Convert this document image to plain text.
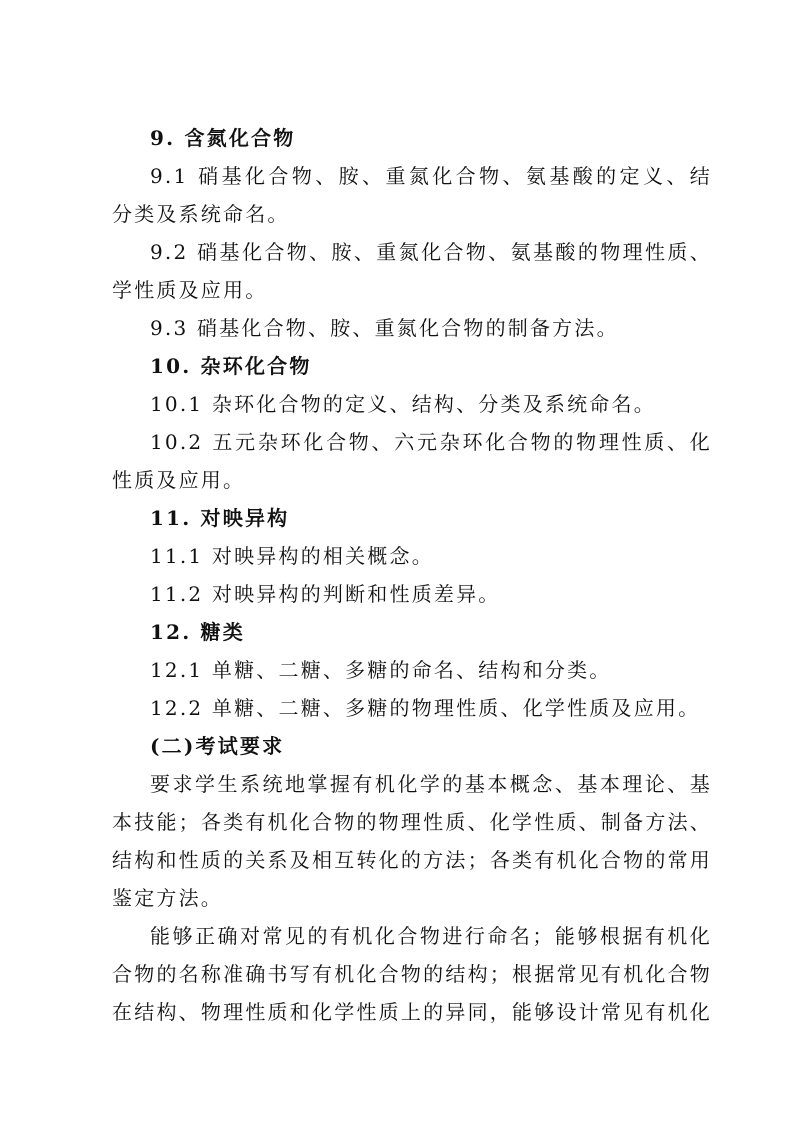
9. 含氮化合物
9.1 硝基化合物、胺、重氮化合物、氨基酸的定义、结
分类及系统命名。
9.2 硝基化合物、胺、重氮化合物、氨基酸的物理性质、
学性质及应用。
9.3 硝基化合物、胺、重氮化合物的制备方法。
10. 杂环化合物
10.1 杂环化合物的定义、结构、分类及系统命名。
10.2 五元杂环化合物、六元杂环化合物的物理性质、化
性质及应用。
11. 对映异构
11.1 对映异构的相关概念。
11.2 对映异构的判断和性质差异。
12. 糖类
12.1 单糖、二糖、多糖的命名、结构和分类。
12.2 单糖、二糖、多糖的物理性质、化学性质及应用。
(二)考试要求
要求学生系统地掌握有机化学的基本概念、基本理论、基
本技能；各类有机化合物的物理性质、化学性质、制备方法、
结构和性质的关系及相互转化的方法；各类有机化合物的常用
鉴定方法。
能够正确对常见的有机化合物进行命名；能够根据有机化
合物的名称准确书写有机化合物的结构；根据常见有机化合物
在结构、物理性质和化学性质上的异同，能够设计常见有机化
